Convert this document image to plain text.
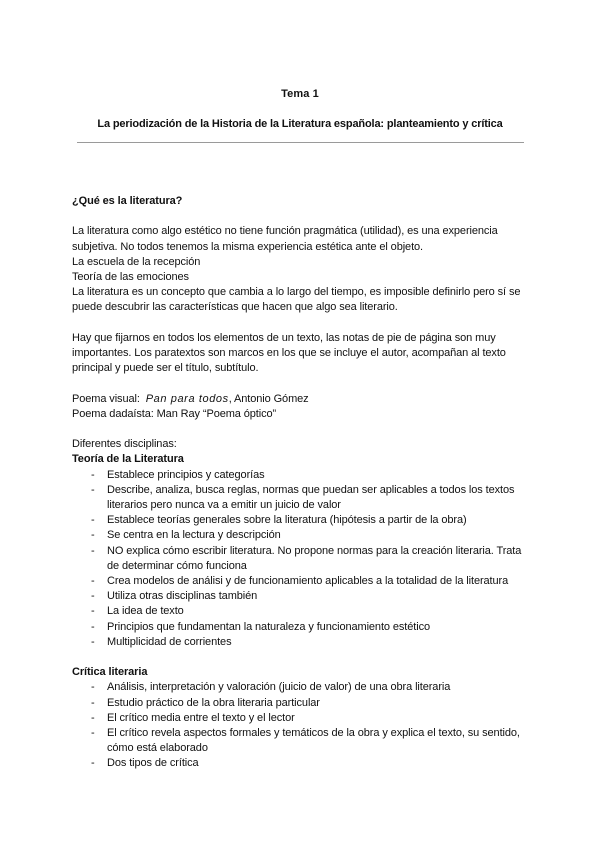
Tema 1
La periodización de la Historia de la Literatura española: planteamiento y crítica

¿Qué es la literatura?

La literatura como algo estético no tiene función pragmática (utilidad), es una experiencia subjetiva. No todos tenemos la misma experiencia estética ante el objeto.

La escuela de la recepción

Teoría de las emociones

La literatura es un concepto que cambia a lo largo del tiempo, es imposible definirlo pero sí se puede descubrir las características que hacen que algo sea literario.

Hay que fijarnos en todos los elementos de un texto, las notas de pie de página son muy importantes. Los paratextos son marcos en los que se incluye el autor, acompañan al texto principal y puede ser el título, subtítulo.

Poema visual: Pan para todos, Antonio Gómez

Poema dadaísta: Man Ray “Poema óptico”

Diferentes disciplinas:

Teoría de la Literatura

- Establece principios y categorías
- Describe, analiza, busca reglas, normas que puedan ser aplicables a todos los textos literarios pero nunca va a emitir un juicio de valor
- Establece teorías generales sobre la literatura (hipótesis a partir de la obra)
- Se centra en la lectura y descripción
- NO explica cómo escribir literatura. No propone normas para la creación literaria. Trata de determinar cómo funciona
- Crea modelos de análisi y de funcionamiento aplicables a la totalidad de la literatura
- Utiliza otras disciplinas también
- La idea de texto
- Principios que fundamentan la naturaleza y funcionamiento estético
- Multiplicidad de corrientes

Crítica literaria

- Análisis, interpretación y valoración (juicio de valor) de una obra literaria
- Estudio práctico de la obra literaria particular
- El crítico media entre el texto y el lector
- El crítico revela aspectos formales y temáticos de la obra y explica el texto, su sentido, cómo está elaborado
- Dos tipos de crítica
